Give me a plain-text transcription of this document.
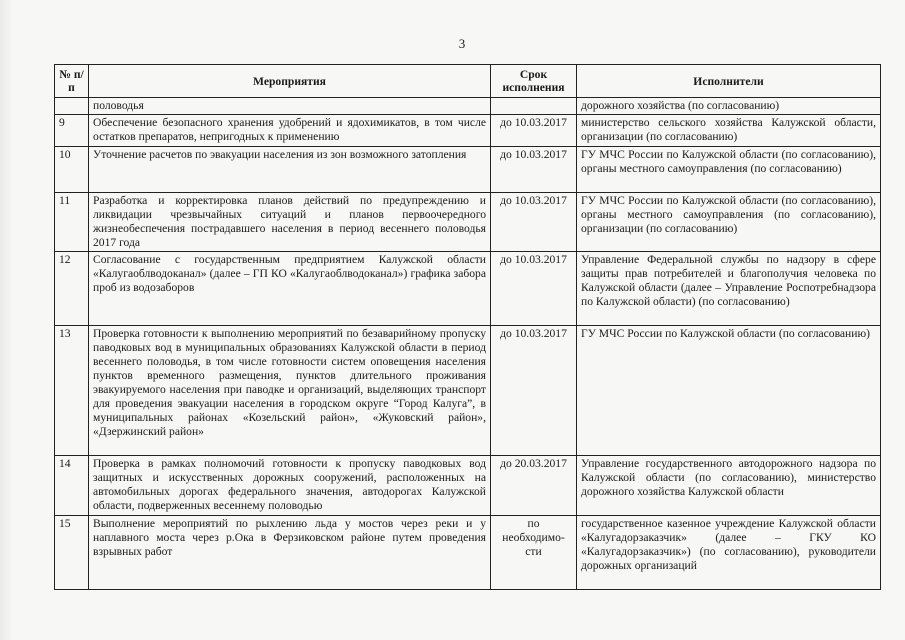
3
№ п/п	Мероприятия	Срок исполнения	Исполнители
	половодья		дорожного хозяйства (по согласованию)
9	Обеспечение безопасного хранения удобрений и ядохимикатов, в том числе остатков препаратов, непригодных к применению	до 10.03.2017	министерство сельского хозяйства Калужской области, организации (по согласованию)
10	Уточнение расчетов по эвакуации населения из зон возможного затопления	до 10.03.2017	ГУ МЧС России по Калужской области (по согласованию), органы местного самоуправления (по согласованию)
11	Разработка и корректировка планов действий по предупреждению и ликвидации чрезвычайных ситуаций и планов первоочередного жизнеобеспечения пострадавшего населения в период весеннего половодья 2017 года	до 10.03.2017	ГУ МЧС России по Калужской области (по согласованию), органы местного самоуправления (по согласованию), организации (по согласованию)
12	Согласование с государственным предприятием Калужской области «Калугаоблводоканал» (далее – ГП КО «Калугаоблводоканал») графика забора проб из водозаборов	до 10.03.2017	Управление Федеральной службы по надзору в сфере защиты прав потребителей и благополучия человека по Калужской области (далее – Управление Роспотребнадзора по Калужской области) (по согласованию)
13	Проверка готовности к выполнению мероприятий по безаварийному пропуску паводковых вод в муниципальных образованиях Калужской области в период весеннего половодья, в том числе готовности систем оповещения населения пунктов временного размещения, пунктов длительного проживания эвакуируемого населения при паводке и организаций, выделяющих транспорт для проведения эвакуации населения в городском округе “Город Калуга”, в муниципальных районах «Козельский район», «Жуковский район», «Дзержинский район»	до 10.03.2017	ГУ МЧС России по Калужской области (по согласованию)
14	Проверка в рамках полномочий готовности к пропуску паводковых вод защитных и искусственных дорожных сооружений, расположенных на автомобильных дорогах федерального значения, автодорогах Калужской области, подверженных весеннему половодью	до 20.03.2017	Управление государственного автодорожного надзора по Калужской области (по согласованию), министерство дорожного хозяйства Калужской области
15	Выполнение мероприятий по рыхлению льда у мостов через реки и у наплавного моста через р.Ока в Ферзиковском районе путем проведения взрывных работ	по необходимо-сти	государственное казенное учреждение Калужской области «Калугадорзаказчик» (далее – ГКУ КО «Калугадорзаказчик») (по согласованию), руководители дорожных организаций
